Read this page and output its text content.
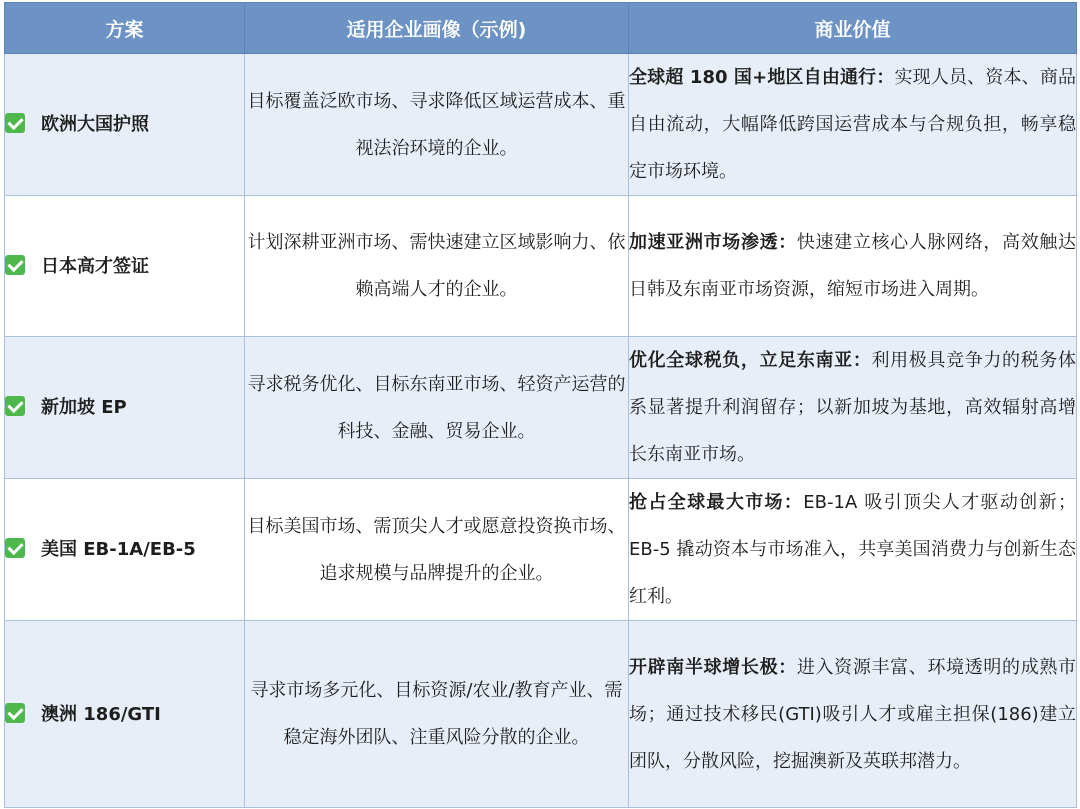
方案	适用企业画像（示例)	商业价值
欧洲大国护照	目标覆盖泛欧市场、寻求降低区域运营成本、重视法治环境的企业。	全球超 180 国+地区自由通行：实现人员、资本、商品自由流动，大幅降低跨国运营成本与合规负担，畅享稳定市场环境。
日本高才签证	计划深耕亚洲市场、需快速建立区域影响力、依赖高端人才的企业。	加速亚洲市场渗透：快速建立核心人脉网络，高效触达日韩及东南亚市场资源，缩短市场进入周期。
新加坡 EP	寻求税务优化、目标东南亚市场、轻资产运营的科技、金融、贸易企业。	优化全球税负，立足东南亚：利用极具竞争力的税务体系显著提升利润留存；以新加坡为基地，高效辐射高增长东南亚市场。
美国 EB-1A/EB-5	目标美国市场、需顶尖人才或愿意投资换市场、追求规模与品牌提升的企业。	抢占全球最大市场：EB-1A 吸引顶尖人才驱动创新；EB-5 撬动资本与市场准入，共享美国消费力与创新生态红利。
澳洲 186/GTI	寻求市场多元化、目标资源/农业/教育产业、需稳定海外团队、注重风险分散的企业。	开辟南半球增长极：进入资源丰富、环境透明的成熟市场；通过技术移民(GTI)吸引人才或雇主担保(186)建立团队，分散风险，挖掘澳新及英联邦潜力。
